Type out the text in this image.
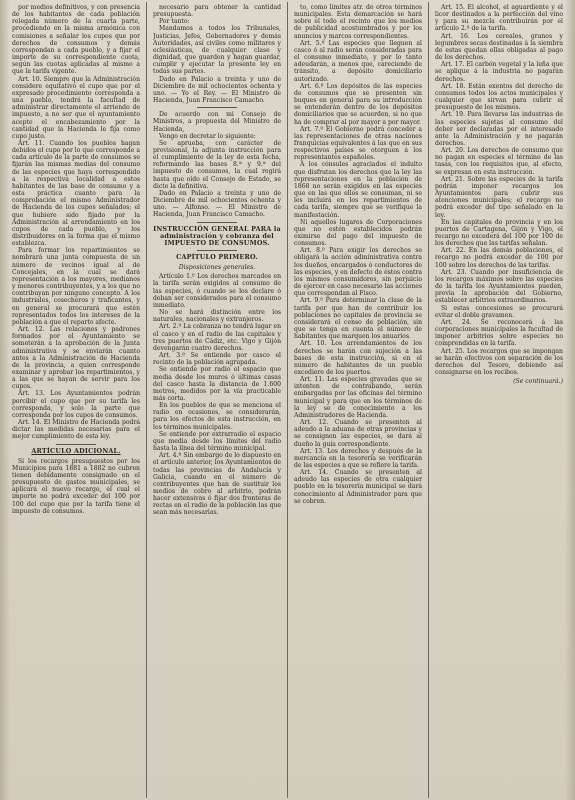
por medios definitivos, y con presencia de los habitantes de cada población relegada número de la cuarta parte, procediendo en la misma armónica con comisiones a señalar los cupos que por derechos de consumos y demás correspondan a cada pueblo, y a fijar el importe de su correspondiente cuota, según las cuotas aplicadas al mismo a que la tarifa vigente.

Art. 10. Siempre que la Administración considere equitativo el cupo que por el expresado procedimiento corresponda a una pueblo, tendrá la facultad de administrar directamente el arriendo de impuesto, a no ser que el ayuntamiento acepte el encabezamiento por la cantidad que la Hacienda le fija como cupo justo.

Art. 11. Cuando los pueblos hagan debidos el cupo por lo que corresponde a cada artículo de la parte de consumos se fijarán las mismas medias del consumo de las especies que haya correspondido a la respectiva localidad a estos habitantes de las base de consumo y a esta práctica cuanto para la comprobación el mismo Administrador de Hacienda de los cupos señalados; el que hubiere sido fijado por la Administración al arrendamiento en los cupos de cada pueblo, y los distribuidores en la forma que el mismo establezca.

Para formar los repartimientos se nombrará una junta compuesta de un número de vecinos igual al de Concejales, en la cual se dará representación a los mayores, medianos y menores contribuyentes, y a los que no contribuyan por ninguno concepto. A los industriales, cosecheros y traficantes, y en general se procurará que estén representados todos los intereses de la población a que el reparto afecte.

Art. 12. Las relaciones y padrones formados por el Ayuntamiento se someterán a la aprobación de la Junta administrativa y se enviarán cuanto antes a la Administración de Hacienda de la provincia, a quien corresponde examinar y aprobar los repartimientos, y a las que se hayan de servir para los cupos.

Art. 13. Los Ayuntamientos podrán percibir el cupo que por su tarifa les corresponda, y solo la parte que corresponda por los cupos de consumos.

Art. 14. El Ministro de Hacienda podrá dictar las medidas necesarias para el mejor cumplimiento de esta ley.

ARTÍCULO ADICIONAL.

Si los recargos presupuestos por los Municipios para 1881 a 1882 no cubren tienen debidamente consignado en el presupuesto de gastos municipales, se aplicará el nuevo recargo, el cual el importe no podrá exceder del 100 por 100 del cupo que por la tarifa tiene el impuesto de consumos.

necesario para obtener la cantidad presupuesta.

Por tanto:

Mandamos a todos los Tribunales, Justicias, Jefes, Gobernadores y demás Autoridades, así civiles como militares y eclesiásticas, de cualquier clase y dignidad, que guarden y hagan guardar, cumplir y ejecutar la presente ley en todas sus partes.

Dado en Palacio a treinta y uno de Diciembre de mil ochocientos ochenta y uno. — Yo el Rey. — El Ministro de Hacienda, Juan Francisco Camacho.

De acuerdo con mi Consejo de Ministros, a propuesta del Ministro de Hacienda,

Vengo en decretar lo siguiente:

Se aprueba, con carácter de provisional, la adjunta instrucción para el cumplimiento de la ley de esta fecha, reformando las bases 8.ª y 9.ª del impuesto de consumos, la cual regirá hasta que oído el Consejo de Estado, se dicte la definitiva.

Dado en Palacio a treinta y uno de Diciembre de mil ochocientos ochenta y uno. — Alfonso. — El Ministro de Hacienda, Juan Francisco Camacho.

INSTRUCCIÓN GENERAL PARA la administración y cobranza del IMPUESTO DE CONSUMOS.

CAPÍTULO PRIMERO.

Disposiciones generales.

Artículo 1.º Los derechos marcados en la tarifa serán exigidos al consumo de las especies, ó cuando se los declare ó deban ser considerados para el consumo inmediato.

No se hará distinción entre los naturales, nacionales y extranjeros.

Art. 2.º La cobranza no tendrá lugar en el casco y en el radio de las capitales y tres puertos de Cádiz, etc. Vigo y Gijón devengarán cuatro derechos.

Art. 3.º Se entiende por casco el recinto de la población agrupada.

Se entiende por radio el espacio que media desde los muros ó últimas casas del casco hasta la distancia de 1.600 metros, medidos por la vía practicable más corta.

En los pueblos de que se menciona el radio en ocasiones, se considerarán, para los efectos de esta instrucción, en los términos municipales.

Se entiende por extrarradio el espacio que media desde los límites del radio hasta la línea del término municipal.

Art. 4.º Sin embargo de lo dispuesto en el artículo anterior, los Ayuntamientos de todas las provincias de Andalucía y Galicia, cuando en el número de contribuyentes que han de sustituir los medios de cobro al arbitrio, podrán hacer extensivas ó fijar dos fronteras de rectas en el radio de la población las que sean más necesarias.

to, como límites atr. de otros términos municipales. Esta demarcación se hará sobre el todo el recinto que los medios de publicidad acostumbrados y por los anuncios y marcos correspondientes.

Art. 5.º Las especies que lleguen al casco ó al radio serán consideradas para el consumo inmediato, y por lo tanto adeudarán, a menos que, careciendo de tránsito, a depósito domiciliario autorizado.

Art. 6.º Los depósitos de las especies de consumos que se presenten sin buques en general para su introducción se entenderán dentro de los depósitos domiciliarios que se acuerden, si no que ha de comprar al por mayor a por mayor.

Art. 7.º El Gobierno podrá conceder a las representaciones de otras naciones franquicias equivalentes á las que en sus respectivos países se otorguen á los representantes españoles.

A los cónsules agraciados el indulto que disfrutan los derechos que la ley las representaciones en la población de 1868 no serán exigidos en las especies que en las que ellos se consuman, ni se les incluirá en los repartimientos de cada tarifa, siempre que se verifique la manifestación.

Ni aquellos lugares de Corporaciones que no estén establecidos podrán eximirse del pago del impuesto de consumos.

Art. 8.º Para exigir los derechos se obligará la acción administrativa contra los dueños, encargados ó conductores de las especies, y en defecto de éstos contra los mismos consumidores, sin perjuicio de ejercer en caso necesario las acciones que correspondan al Fisco.

Art. 9.º Para determinar la clase de la tarifa por que han de contribuir los poblaciones no capitales de provincia se considerará el censo de población, sin que se tenga en cuenta el número de habitantes que marquen los anuarios.

Art. 10. Los arrendamientos de los derechos se harán con sujeción a las bases de esta instrucción, si en el número de habitantes de un pueblo excediere de los puertos.

Art. 11. Las especies gravadas que se intenten de contrabando, serán embargadas por las oficinas del término municipal y para que en los términos de la ley se dé conocimiento a los Administradores de Hacienda.

Art. 12. Cuando se presenten al adeudo a la aduana de otras provincias y se consignen las especies, se dará al dueño la guía correspondiente.

Art. 13. Los derechos y después de la mercancía en la tesorería se verificarán de las especies a que se refiere la tarifa.

Art. 14. Cuando se presenten al adeudo las especies de otra cualquier pueblo en la tesorería municipal se dará conocimiento al Administrador para que se cobren.

Art. 15. El alcohol, el aguardiente y el licor destinados a la perfección del vino y para su mezcla contribuirán por el artículo 2.º de la tarifa.

Art. 16. Los cereales, granos y legumbres secas destinadas á la siembra de estas quedan ellas obligadas al pago de los derechos.

Art. 17. El carbón vegetal y la leña que se aplique á la industria no pagarán derechos.

Art. 18. Están exentos del derecho de consumos todos los actos municipales y cualquier que sirvan para cubrir el presupuesto de los mismos.

Art. 19. Para llevarse las industrias de las especies sujetas al consumo del deber ser declaradas por el interesado ante la Administración y no pagarán derechos.

Art. 20. Los derechos de consumo que no pagan en especies el término de las tasas, con los requisitos que, al efecto, se expresan en esta instrucción.

Art. 21. Sobre las especies de la tarifa podrán imponer recargos los Ayuntamientos para cubrir sus atenciones municipales; el recargo no podrá exceder del tipo señalado en la ley.

En las capitales de provincia y en los puertos de Cartagena, Gijón y Vigo, el recargo no excederá del 100 por 100 de los derechos que las tarifas señalan.

Art. 22. En las demás poblaciones, el recargo no podrá exceder de 100 por 100 sobre los derechos de las tarifas.

Art. 23. Cuando por insuficiencia de los recargos máximos sobre las especies de la tarifa los Ayuntamientos pueden, previa la aprobación del Gobierno, establecer arbitrios extraordinarios.

Si estas concesiones se procurará evitar el doble gravamen.

Art. 24. Se reconocerá á las corporaciones municipales la facultad de imponer arbitrios sobre especies no comprendidas en la tarifa.

Art. 25. Los recargos que se impongan se harán efectivos con separación de los derechos del Tesoro, debiendo así consignarse en los recibos.

(Se continuará.)
